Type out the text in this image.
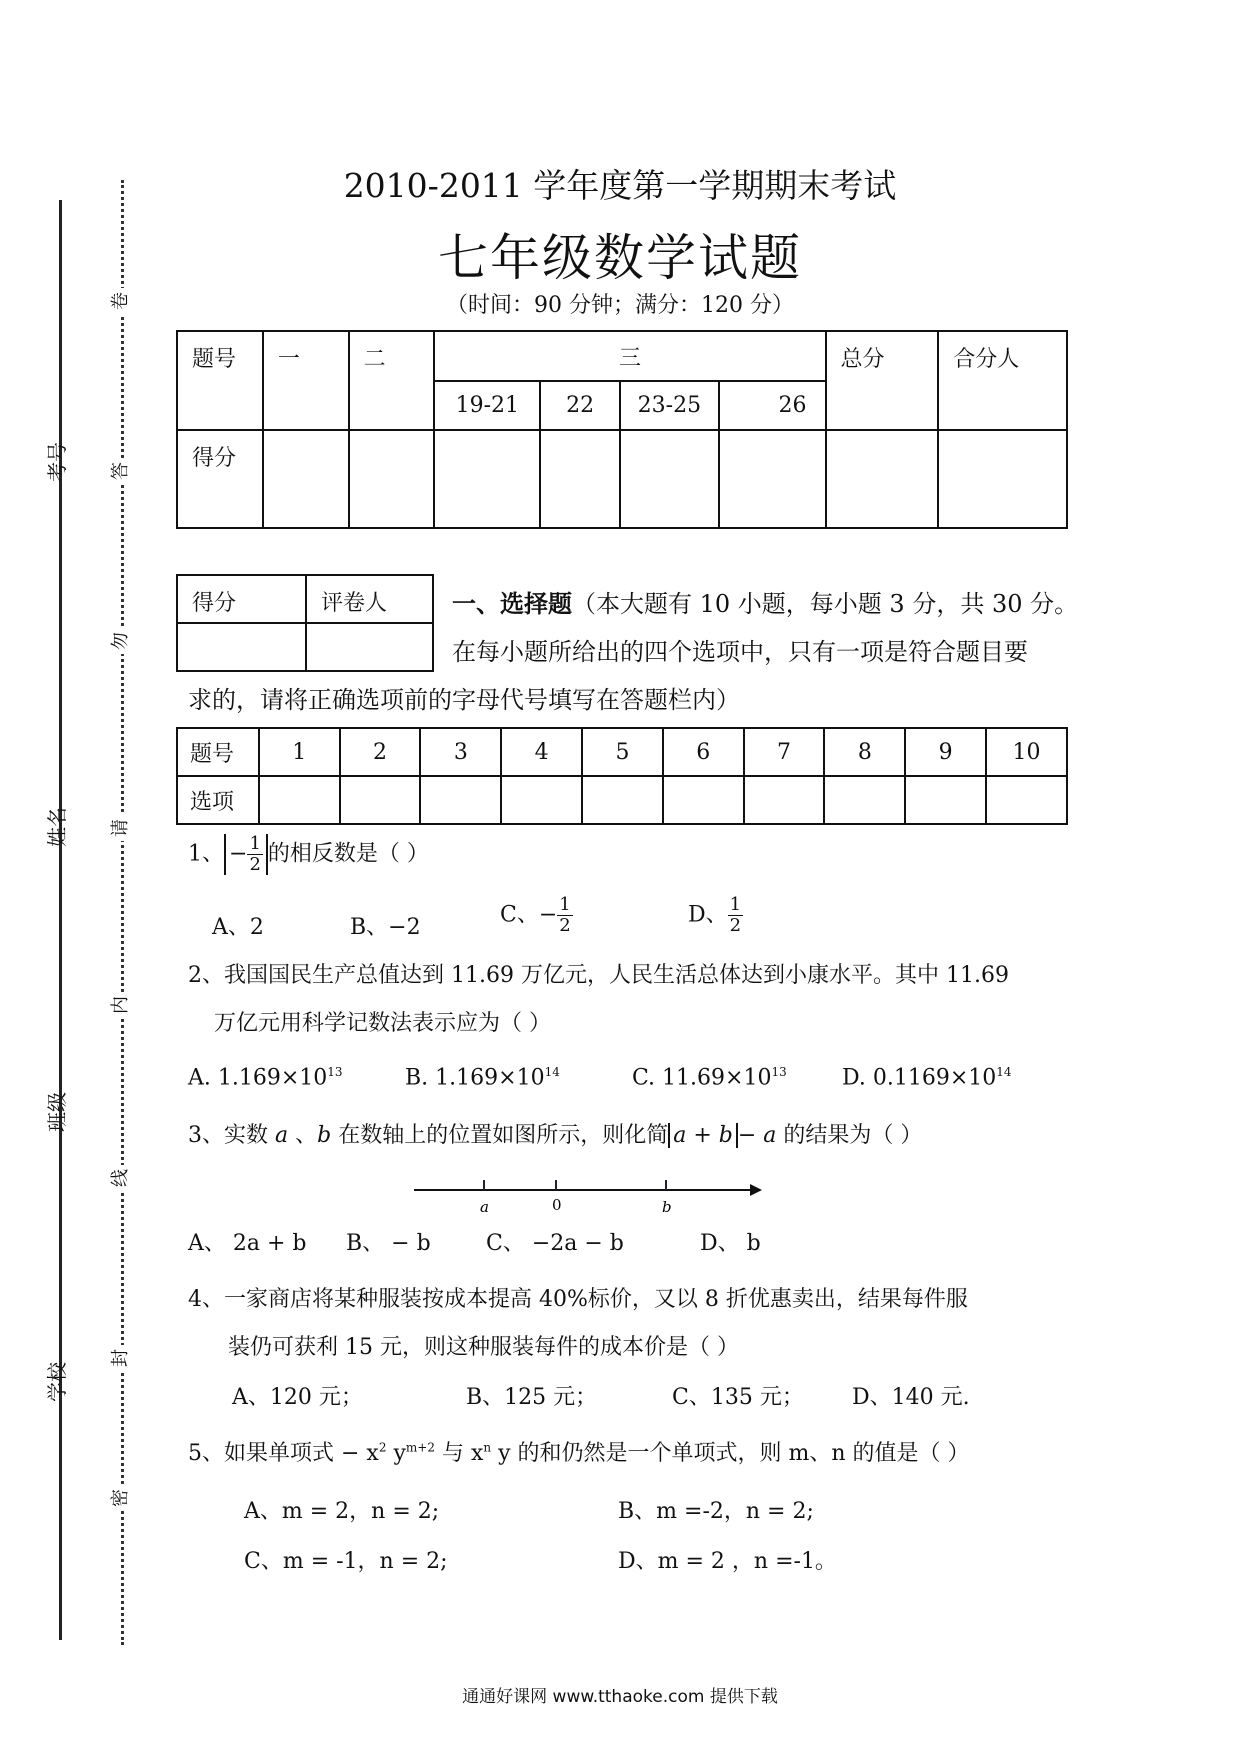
考号
姓名
班级
学校
卷
答
勿
请
内
线
封
密
2010-2011 学年度第一学期期末考试
七年级数学试题
（时间：90 分钟；满分：120 分）
题号	一	二	三				总分	合分人
			19-21	22	23-25	26		
得分								
得分	评卷人
		一、选择题（本大题有 10 小题，每小题 3 分，共 30 分。
在每小题所给出的四个选项中，只有一项是符合题目要
求的，请将正确选项前的字母代号填写在答题栏内）
题号	1	2	3	4	5	6	7	8	9	10
选项										
1、 − $\frac{1}{2}$ 的相反数是（ ）
A、2	B、−2	C、− $\frac{1}{2}$	D、 $\frac{1}{2}$
2、我国国民生产总值达到 11.69 万亿元，人民生活总体达到小康水平。其中 11.69
万亿元用科学记数法表示应为（ ）
A. $1.169\times 10^{13}$	B. $1.169\times 10^{14}$	C. $11.69\times 10^{13}$	D. $0.1169\times 10^{14}$
3、实数 a 、b 在数轴上的位置如图所示，则化简 a + b − a 的结果为（ ）
a	0	b
A、 2a + b B、 − b	C、 −2a − b	D、 b
4、一家商店将某种服装按成本提高 40%标价，又以 8 折优惠卖出，结果每件服
装仍可获利 15 元，则这种服装每件的成本价是（ ）
A、120 元；	B、125 元；	C、135 元； D、140 元.
5、如果单项式 − $x^2$ $y^{m+2}$ 与 $x^n$ y 的和仍然是一个单项式，则 m、n 的值是（ ）
A、m = 2，n = 2;	B、m =-2，n = 2;
C、m = -1，n = 2;	D、m = 2 ，n =-1。
通通好课网 www.tthaoke.com 提供下载
